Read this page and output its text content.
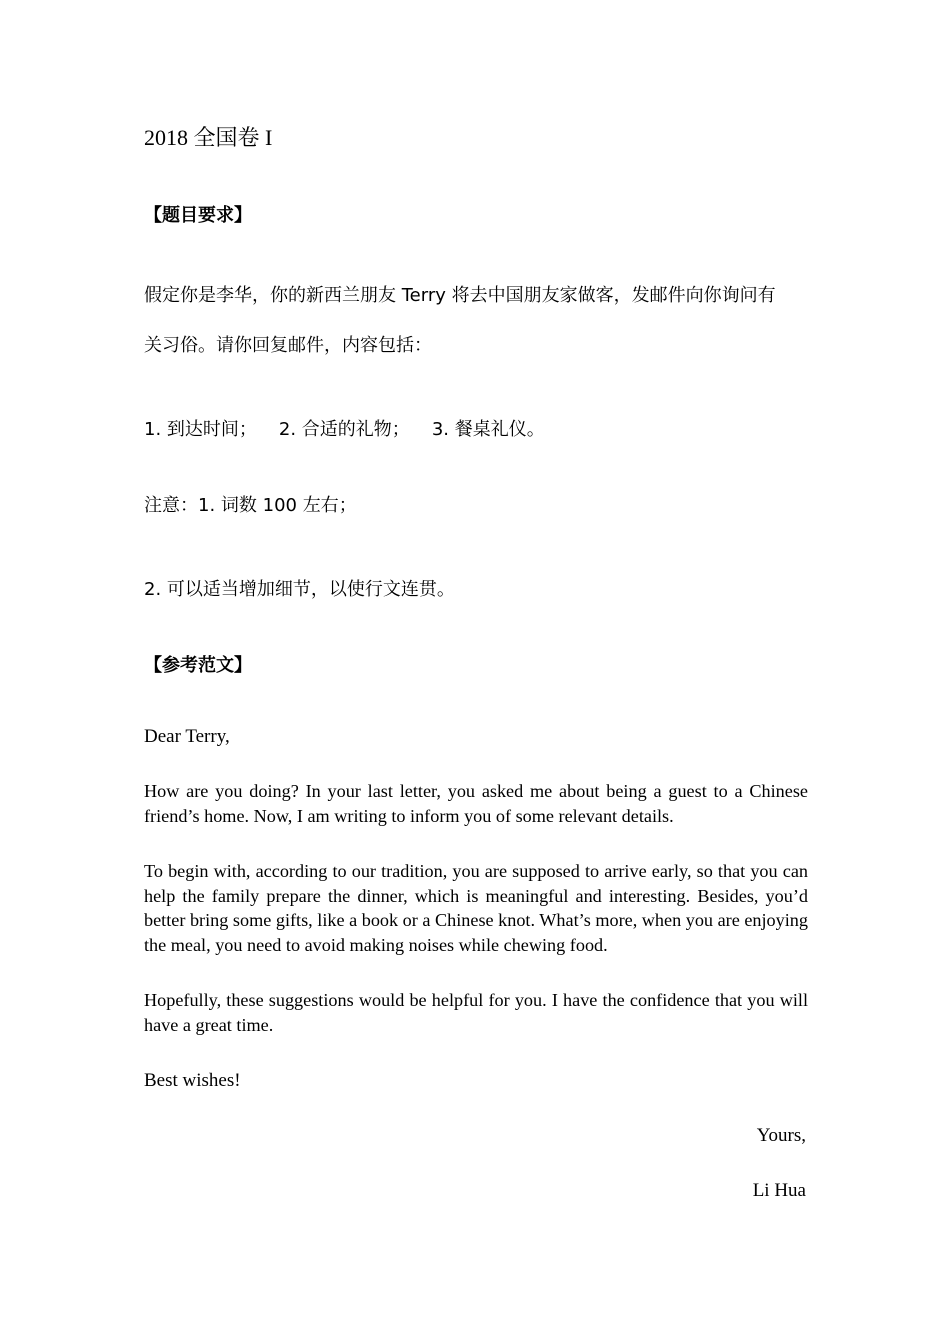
2018 全国卷 I
【题目要求】
假定你是李华，你的新西兰朋友 Terry 将去中国朋友家做客，发邮件向你询问有
关习俗。请你回复邮件，内容包括：
1. 到达时间； 2. 合适的礼物； 3. 餐桌礼仪。
注意：1. 词数 100 左右；
2. 可以适当增加细节，以使行文连贯。
【参考范文】
Dear Terry,
How are you doing? In your last letter, you asked me about being a guest to a Chinese friend’s home. Now, I am writing to inform you of some relevant details.
To begin with, according to our tradition, you are supposed to arrive early, so that you can help the family prepare the dinner, which is meaningful and interesting. Besides, you’d better bring some gifts, like a book or a Chinese knot. What’s more, when you are enjoying the meal, you need to avoid making noises while chewing food.
Hopefully, these suggestions would be helpful for you. I have the confidence that you will have a great time.
Best wishes!
Yours,
Li Hua
